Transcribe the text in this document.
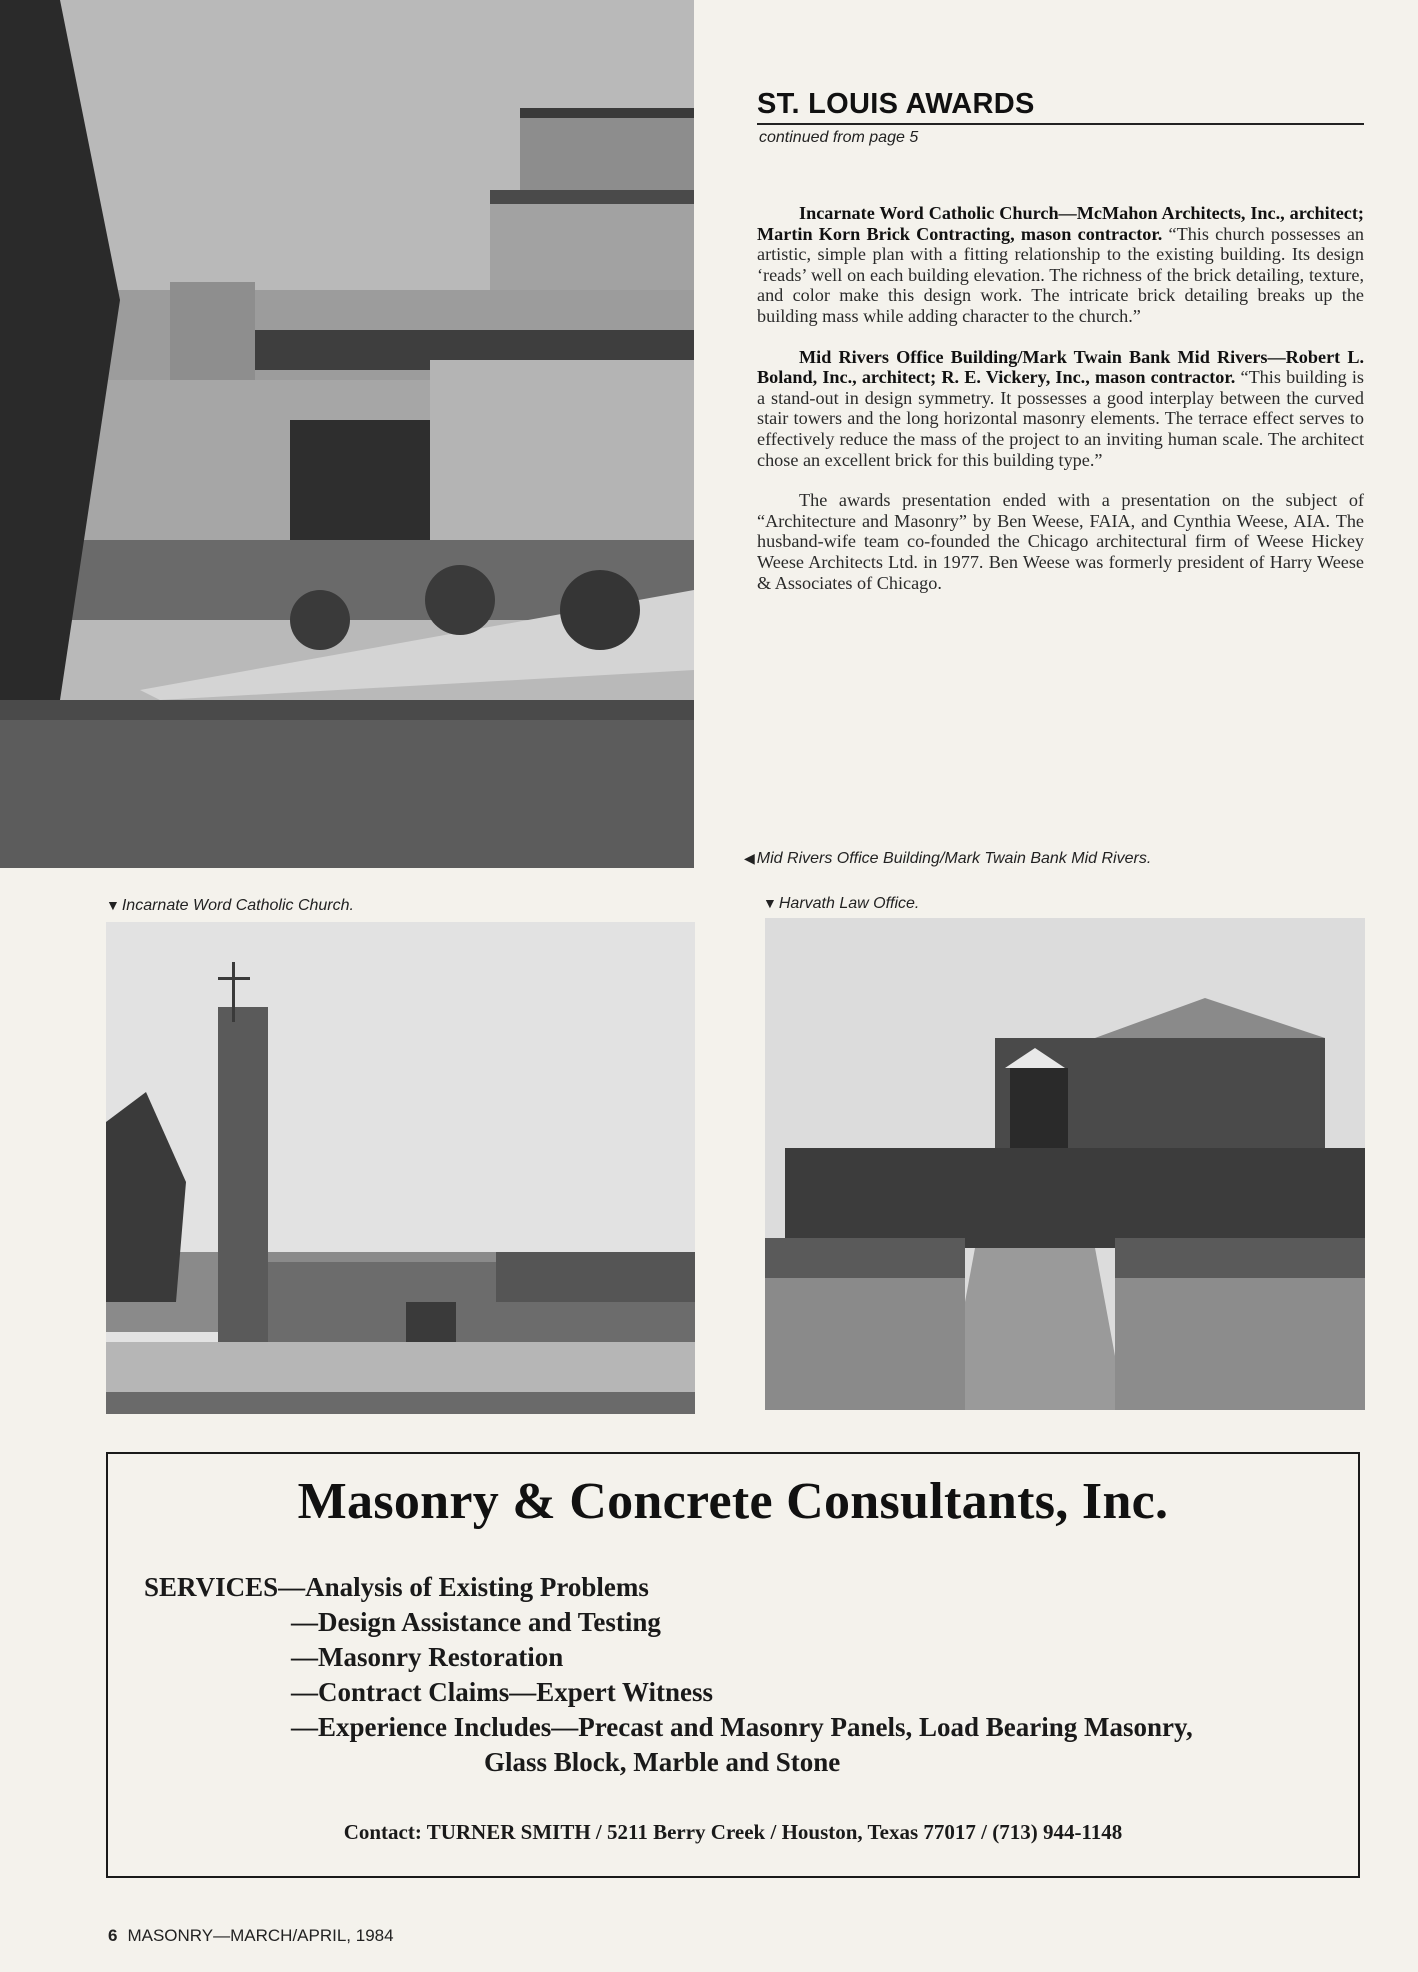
ST. LOUIS AWARDS
continued from page 5

Incarnate Word Catholic Church—McMahon Architects, Inc., architect; Martin Korn Brick Contracting, mason contractor. “This church possesses an artistic, simple plan with a fitting relationship to the existing building. Its design ‘reads’ well on each building elevation. The richness of the brick detailing, texture, and color make this design work. The intricate brick detailing breaks up the building mass while adding character to the church.”

Mid Rivers Office Building/Mark Twain Bank Mid Rivers—Robert L. Boland, Inc., architect; R. E. Vickery, Inc., mason contractor. “This building is a stand-out in design symmetry. It possesses a good interplay between the curved stair towers and the long horizontal masonry elements. The terrace effect serves to effectively reduce the mass of the project to an inviting human scale. The architect chose an excellent brick for this building type.”

The awards presentation ended with a presentation on the subject of “Architecture and Masonry” by Ben Weese, FAIA, and Cynthia Weese, AIA. The husband-wife team co-founded the Chicago architectural firm of Weese Hickey Weese Architects Ltd. in 1977. Ben Weese was formerly president of Harry Weese & Associates of Chicago.

◀ Mid Rivers Office Building/Mark Twain Bank Mid Rivers.
▼ Incarnate Word Catholic Church.	▼ Harvath Law Office.
Masonry & Concrete Consultants, Inc.
SERVICES—Analysis of Existing Problems
—Design Assistance and Testing
—Masonry Restoration
—Contract Claims—Expert Witness
—Experience Includes—Precast and Masonry Panels, Load Bearing Masonry,
Glass Block, Marble and Stone
Contact: TURNER SMITH / 5211 Berry Creek / Houston, Texas 77017 / (713) 944-1148
6 MASONRY—MARCH/APRIL, 1984
